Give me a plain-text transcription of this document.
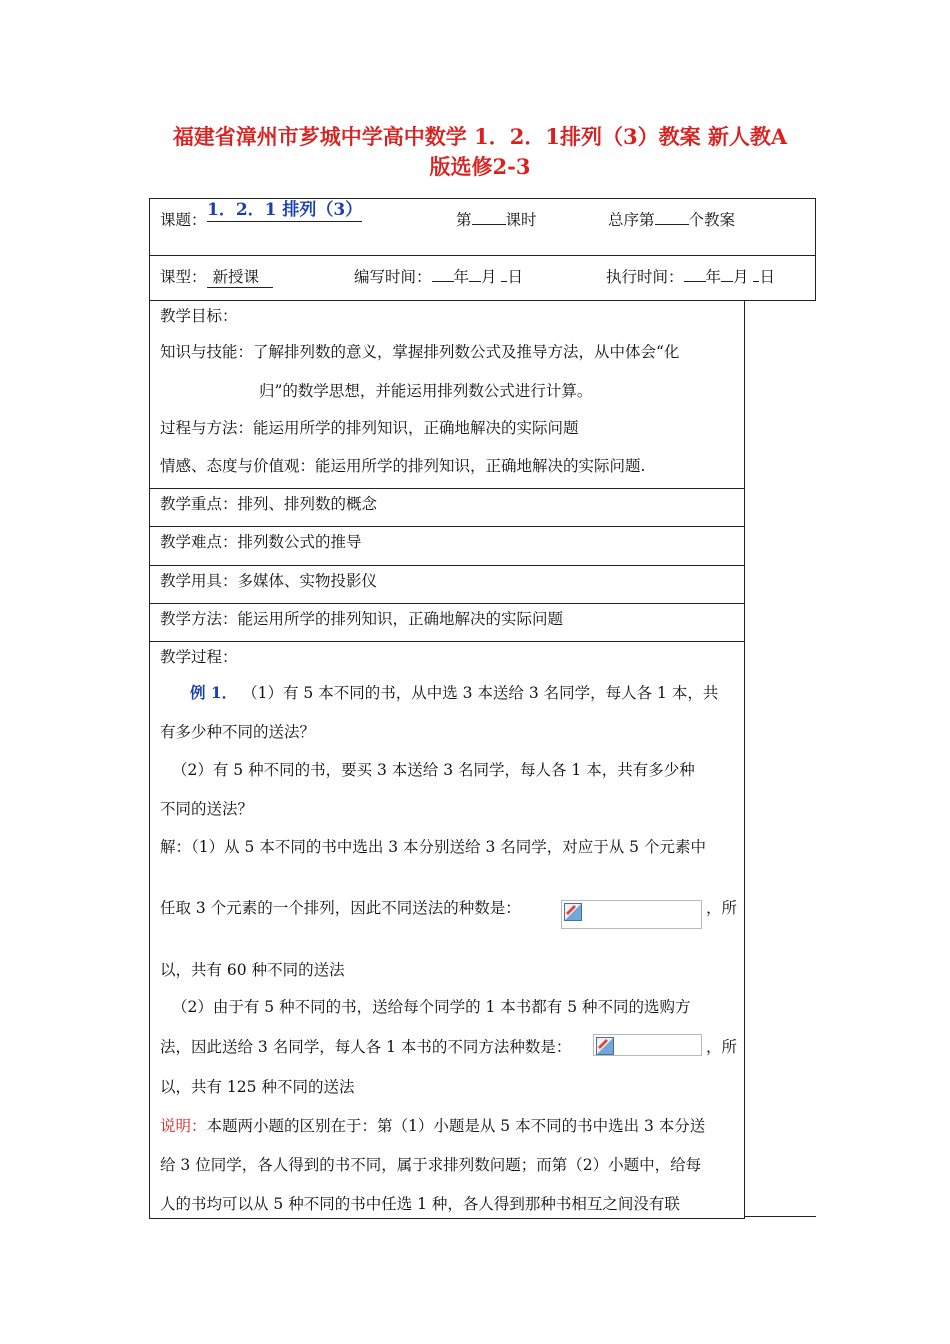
福建省漳州市芗城中学高中数学 1．2．1排列（3）教案 新人教A
版选修2-3
课题： 1．2．1 排列（3）	第 课时	总序第 个教案
课型： 新授课	编写时间： 年 月 日	执行时间： 年 月 日
教学目标：
知识与技能：了解排列数的意义，掌握排列数公式及推导方法，从中体会“化
归”的数学思想，并能运用排列数公式进行计算。
过程与方法：能运用所学的排列知识，正确地解决的实际问题
情感、态度与价值观：能运用所学的排列知识，正确地解决的实际问题.
教学重点：排列、排列数的概念
教学难点：排列数公式的推导
教学用具：多媒体、实物投影仪
教学方法：能运用所学的排列知识，正确地解决的实际问题
教学过程：
例 1． （1）有 5 本不同的书，从中选 3 本送给 3 名同学，每人各 1 本，共
有多少种不同的送法？
（2）有 5 种不同的书，要买 3 本送给 3 名同学，每人各 1 本，共有多少种
不同的送法？
解：（1）从 5 本不同的书中选出 3 本分别送给 3 名同学，对应于从 5 个元素中
任取 3 个元素的一个排列，因此不同送法的种数是：	，所
以，共有 60 种不同的送法
（2）由于有 5 种不同的书，送给每个同学的 1 本书都有 5 种不同的选购方
法，因此送给 3 名同学，每人各 1 本书的不同方法种数是：	，所
以，共有 125 种不同的送法
说明：本题两小题的区别在于：第（1）小题是从 5 本不同的书中选出 3 本分送
给 3 位同学，各人得到的书不同，属于求排列数问题；而第（2）小题中，给每
人的书均可以从 5 种不同的书中任选 1 种，各人得到那种书相互之间没有联
